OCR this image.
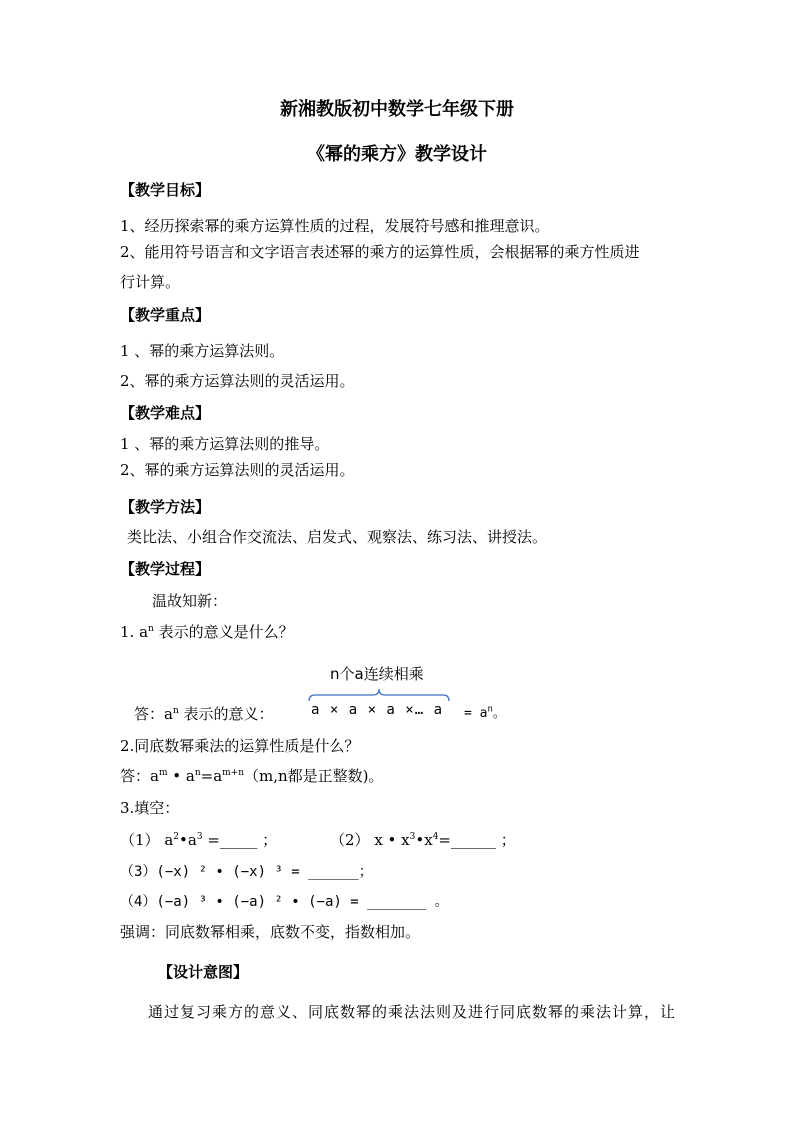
新湘教版初中数学七年级下册
《幂的乘方》教学设计
【教学目标】
1、经历探索幂的乘方运算性质的过程，发展符号感和推理意识。
2、能用符号语言和文字语言表述幂的乘方的运算性质，会根据幂的乘方性质进
行计算。
【教学重点】
1 、幂的乘方运算法则。
2、幂的乘方运算法则的灵活运用。
【教学难点】
1 、幂的乘方运算法则的推导。
2、幂的乘方运算法则的灵活运用。
【教学方法】
类比法、小组合作交流法、启发式、观察法、练习法、讲授法。
【教学过程】
温故知新：
1. $a^n$ 表示的意义是什么？
n个a连续相乘
答：$a^n$ 表示的意义：	a × a × a ×… $a = a^n$。
2.同底数幂乘法的运算性质是什么？
答：$a^m$ • $a^n=a^{m+n}(m,n$都是正整数)。
3.填空：
（1） $a^2•a^3$ =_____ ；	（2） x • $x^3•x^4=\_\_\_\_\_\_$ ；
（3）(−x) ² • (−x) ³ = ______；
（4）(−a) ³ • (−a) ² • (−a) = _______ 。
强调：同底数幂相乘，底数不变，指数相加。
【设计意图】
通过复习乘方的意义、同底数幂的乘法法则及进行同底数幂的乘法计算，让
